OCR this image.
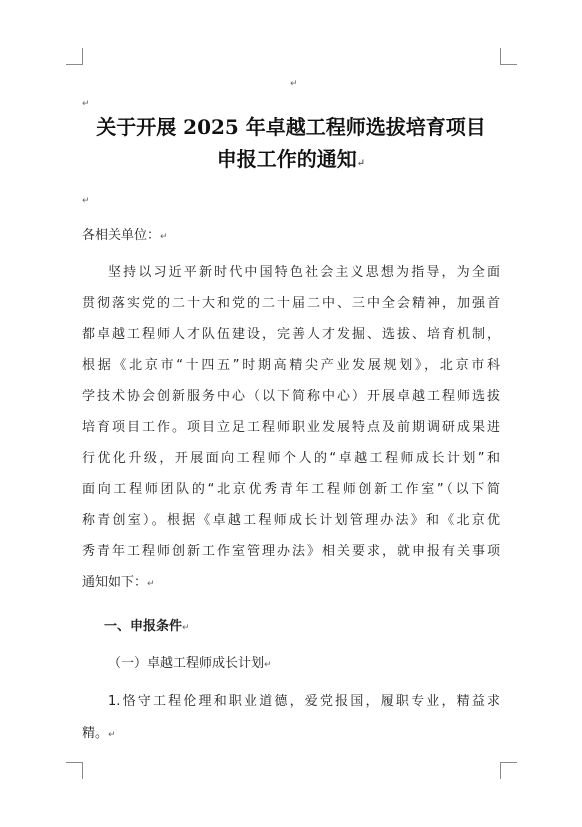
↵
↵
关于开展 2025 年卓越工程师选拔培育项目
申报工作的通知↵
↵
各相关单位：↵
坚持以习近平新时代中国特色社会主义思想为指导，为全面
贯彻落实党的二十大和党的二十届二中、三中全会精神，加强首
都卓越工程师人才队伍建设，完善人才发掘、选拔、培育机制，
根据《北京市“十四五”时期高精尖产业发展规划》，北京市科
学技术协会创新服务中心（以下简称中心）开展卓越工程师选拔
培育项目工作。项目立足工程师职业发展特点及前期调研成果进
行优化升级，开展面向工程师个人的“卓越工程师成长计划”和
面向工程师团队的“北京优秀青年工程师创新工作室”（以下简
称青创室）。根据《卓越工程师成长计划管理办法》和《北京优
秀青年工程师创新工作室管理办法》相关要求，就申报有关事项
通知如下：↵
一、申报条件↵
（一）卓越工程师成长计划↵
1.恪守工程伦理和职业道德，爱党报国，履职专业，精益求
精。↵
